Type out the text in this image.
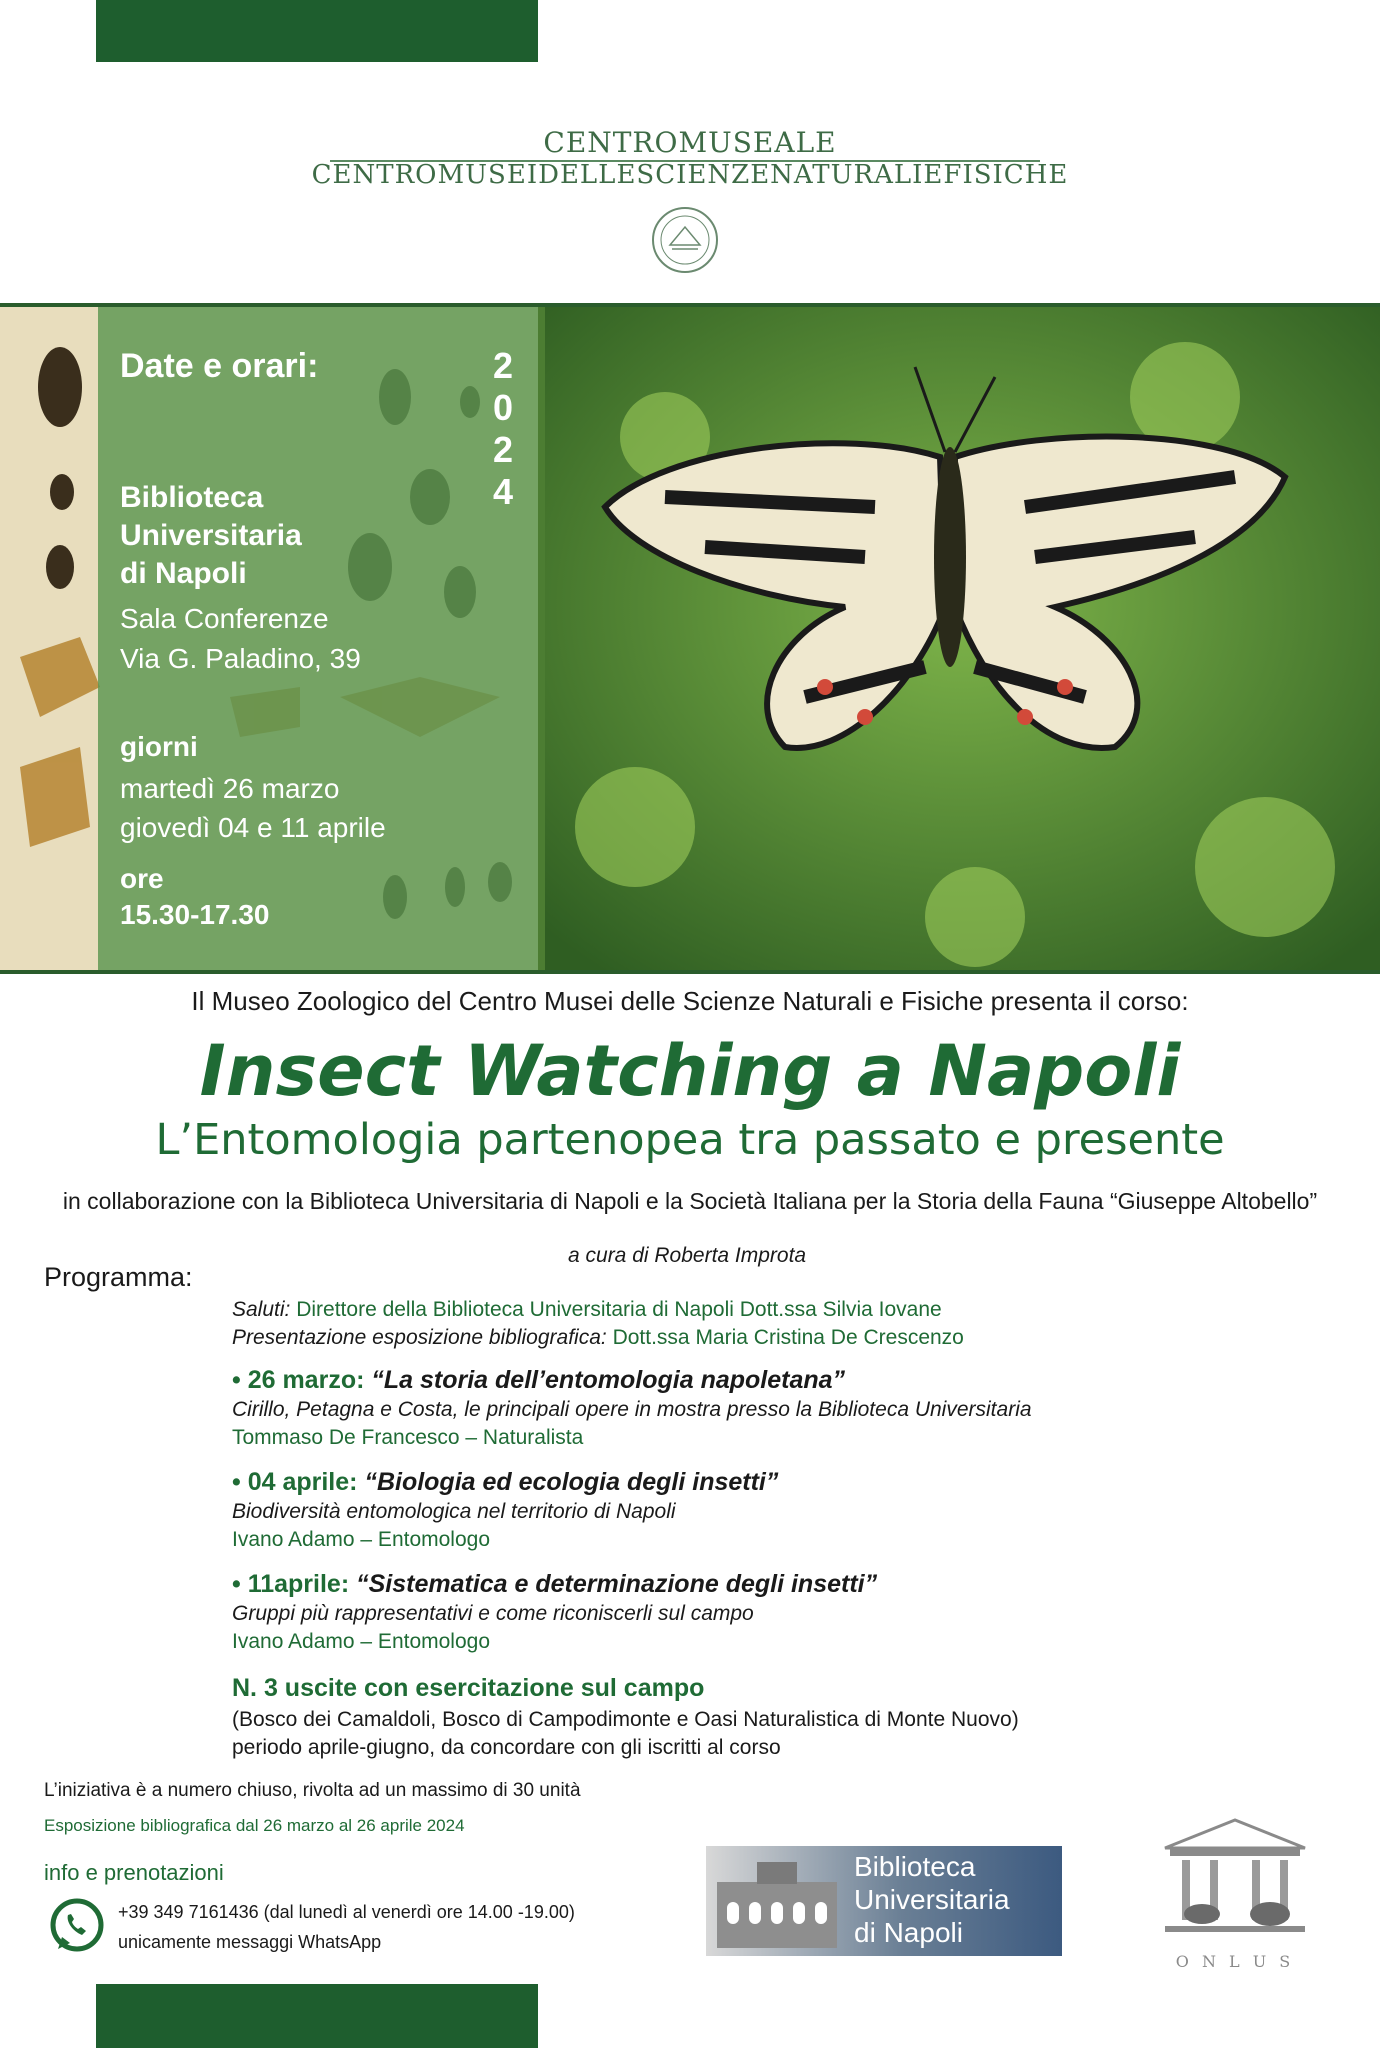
CENTROMUSEALE
CENTROMUSEIDELLESCIENZENATURALIEFISICHE
Date e orari:	2
0
2
4
Biblioteca
Universitaria
di Napoli
Sala Conferenze
Via G. Paladino, 39
giorni
martedì 26 marzo
giovedì 04 e 11 aprile
ore
15.30-17.30
Il Museo Zoologico del Centro Musei delle Scienze Naturali e Fisiche presenta il corso:
Insect Watching a Napoli
L’Entomologia partenopea tra passato e presente
in collaborazione con la Biblioteca Universitaria di Napoli e la Società Italiana per la Storia della Fauna “Giuseppe Altobello”
a cura di Roberta Improta
Programma:
Saluti: Direttore della Biblioteca Universitaria di Napoli Dott.ssa Silvia Iovane
Presentazione esposizione bibliografica: Dott.ssa Maria Cristina De Crescenzo
• 26 marzo: “La storia dell’entomologia napoletana”
Cirillo, Petagna e Costa, le principali opere in mostra presso la Biblioteca Universitaria
Tommaso De Francesco – Naturalista
• 04 aprile: “Biologia ed ecologia degli insetti”
Biodiversità entomologica nel territorio di Napoli
Ivano Adamo – Entomologo
• 11aprile: “Sistematica e determinazione degli insetti”
Gruppi più rappresentativi e come riconiscerli sul campo
Ivano Adamo – Entomologo
N. 3 uscite con esercitazione sul campo
(Bosco dei Camaldoli, Bosco di Campodimonte e Oasi Naturalistica di Monte Nuovo)
periodo aprile-giugno, da concordare con gli iscritti al corso
L’iniziativa è a numero chiuso, rivolta ad un massimo di 30 unità
Esposizione bibliografica dal 26 marzo al 26 aprile 2024
info e prenotazioni
+39 349 7161436 (dal lunedì al venerdì ore 14.00 -19.00)
unicamente messaggi WhatsApp
Biblioteca
Universitaria
di Napoli
O N L U S
